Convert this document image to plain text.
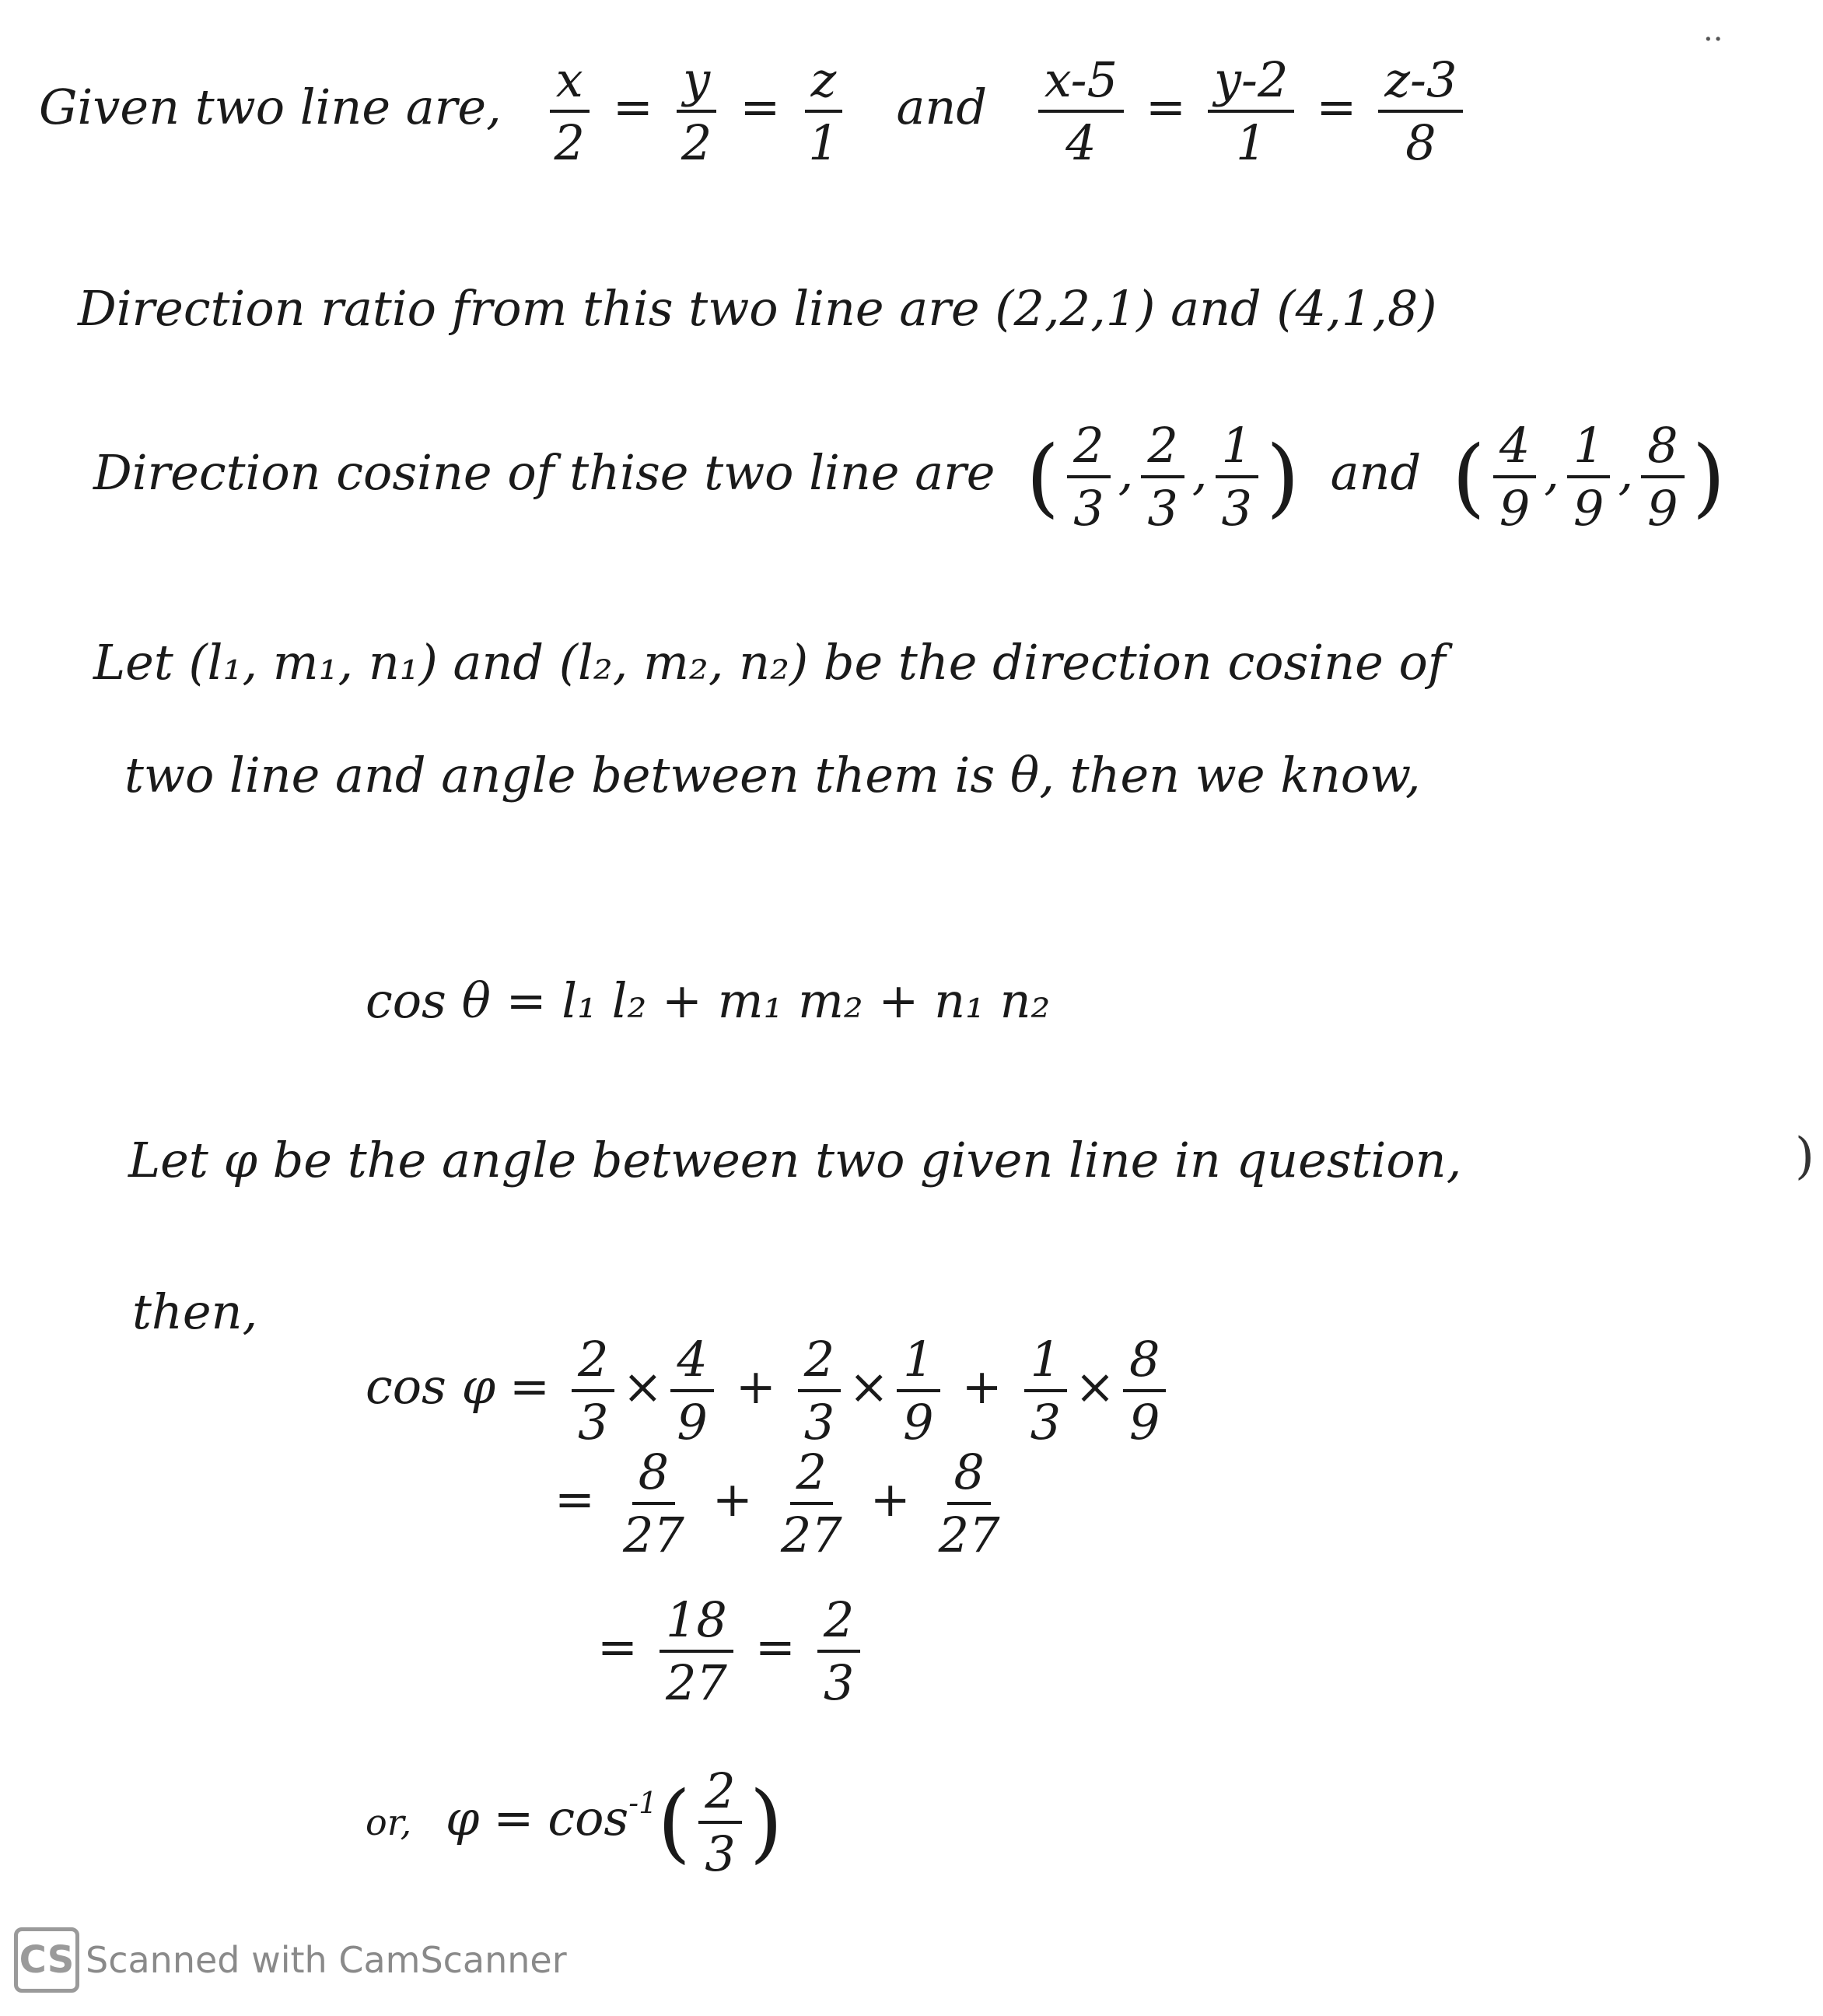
··
Given two line are, $\frac{x}{2} = \frac{y}{2} = \frac{z}{1}$ and $\frac{x-5}{4} = \frac{y-2}{1} = \frac{z-3}{8}$
Direction ratio from this two line are (2,2,1) and (4,1,8)
Direction cosine of thise two line are ( $\frac{2}{3}$ , $\frac{2}{3}$ , $\frac{1}{3}$ ) and ( $\frac{4}{9}$ , $\frac{1}{9}$ , $\frac{8}{9}$ )
Let (l₁, m₁, n₁) and (l₂, m₂, n₂) be the direction cosine of
two line and angle between them is θ, then we know,
cos θ = l₁ l₂ + m₁ m₂ + n₁ n₂
Let φ be the angle between two given line in question,	)
then,
$\cos \varphi = \frac{2}{3} \times \frac{4}{9} + \frac{2}{3} \times \frac{1}{9} + \frac{1}{3} \times \frac{8}{9}$
= $\frac{8}{27} + \frac{2}{27} + \frac{8}{27}$
= $\frac{18}{27} = \frac{2}{3}$
or, $\varphi = \cos^{-1}( \frac{2}{3}$ )
CS Scanned with CamScanner
